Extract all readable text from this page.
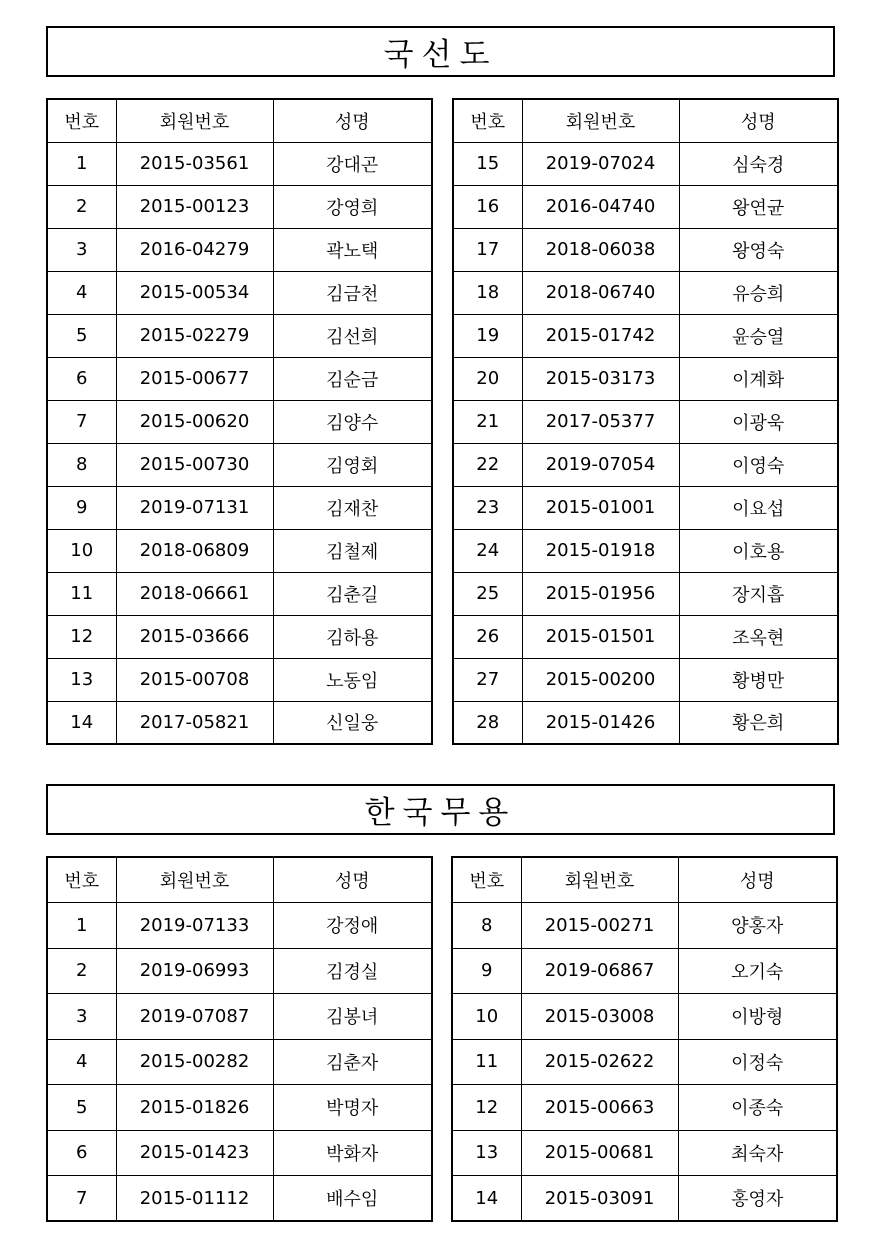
국선도
번호	회원번호	성명
1	2015-03561	강대곤
2	2015-00123	강영희
3	2016-04279	곽노택
4	2015-00534	김금천
5	2015-02279	김선희
6	2015-00677	김순금
7	2015-00620	김양수
8	2015-00730	김영회
9	2019-07131	김재찬
10	2018-06809	김철제
11	2018-06661	김춘길
12	2015-03666	김하용
13	2015-00708	노동임
14	2017-05821	신일웅
번호	회원번호	성명
15	2019-07024	심숙경
16	2016-04740	왕연균
17	2018-06038	왕영숙
18	2018-06740	유승희
19	2015-01742	윤승열
20	2015-03173	이계화
21	2017-05377	이광욱
22	2019-07054	이영숙
23	2015-01001	이요섭
24	2015-01918	이호용
25	2015-01956	장지흡
26	2015-01501	조옥현
27	2015-00200	황병만
28	2015-01426	황은희
한국무용
번호	회원번호	성명
1	2019-07133	강정애
2	2019-06993	김경실
3	2019-07087	김봉녀
4	2015-00282	김춘자
5	2015-01826	박명자
6	2015-01423	박화자
7	2015-01112	배수임
번호	회원번호	성명
8	2015-00271	양홍자
9	2019-06867	오기숙
10	2015-03008	이방형
11	2015-02622	이정숙
12	2015-00663	이종숙
13	2015-00681	최숙자
14	2015-03091	홍영자
